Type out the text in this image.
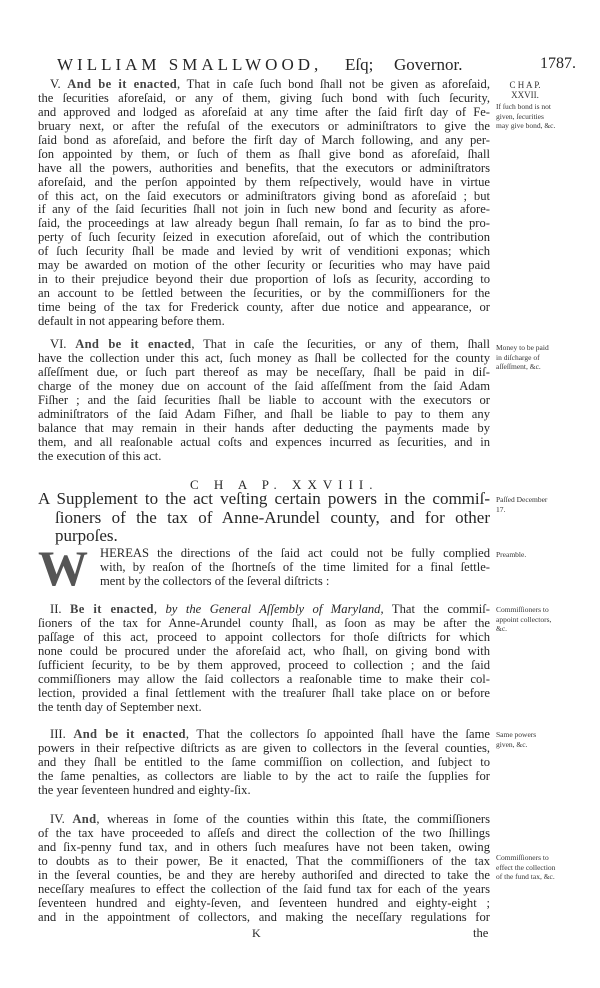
WILLIAM SMALLWOOD, Eſq; Governor.	1787.
V. And be it enacted, That in caſe ſuch bond ſhall not be given as aforeſaid,
the ſecurities aforeſaid, or any of them, giving ſuch bond with ſuch ſecurity,
and approved and lodged as aforeſaid at any time after the ſaid firſt day of Fe-
bruary next, or after the refuſal of the executors or adminiſtrators to give the
ſaid bond as aforeſaid, and before the firſt day of March following, and any per-
ſon appointed by them, or ſuch of them as ſhall give bond as aforeſaid, ſhall
have all the powers, authorities and benefits, that the executors or adminiſtrators
aforeſaid, and the perſon appointed by them reſpectively, would have in virtue
of this act, on the ſaid executors or adminiſtrators giving bond as aforeſaid ; but
if any of the ſaid ſecurities ſhall not join in ſuch new bond and ſecurity as afore-
ſaid, the proceedings at law already begun ſhall remain, ſo far as to bind the pro-
perty of ſuch ſecurity ſeized in execution aforeſaid, out of which the contribution
of ſuch ſecurity ſhall be made and levied by writ of venditioni exponas; which
may be awarded on motion of the other ſecurity or ſecurities who may have paid
in to their prejudice beyond their due proportion of loſs as ſecurity, according to
an account to be ſettled between the ſecurities, or by the commiſſioners for the
time being of the tax for Frederick county, after due notice and appearance, or
default in not appearing before them.
VI. And be it enacted, That in caſe the ſecurities, or any of them, ſhall
have the collection under this act, ſuch money as ſhall be collected for the county
aſſeſſment due, or ſuch part thereof as may be neceſſary, ſhall be paid in diſ-
charge of the money due on account of the ſaid aſſeſſment from the ſaid Adam
Fiſher ; and the ſaid ſecurities ſhall be liable to account with the executors or
adminiſtrators of the ſaid Adam Fiſher, and ſhall be liable to pay to them any
balance that may remain in their hands after deducting the payments made by
them, and all reaſonable actual coſts and expences incurred as ſecurities, and in
the execution of this act.
C H A P. XXVIII.
A Supplement to the act veſting certain powers in the commiſ-
ſioners of the tax of Anne-Arundel county, and for other
purpoſes.
W HEREAS the directions of the ſaid act could not be fully complied
with, by reaſon of the ſhortneſs of the time limited for a final ſettle-
ment by the collectors of the ſeveral diſtricts :
II. Be it enacted, by the General Aſſembly of Maryland, That the commiſ-
ſioners of the tax for Anne-Arundel county ſhall, as ſoon as may be after the
paſſage of this act, proceed to appoint collectors for thoſe diſtricts for which
none could be procured under the aforeſaid act, who ſhall, on giving bond with
ſufficient ſecurity, to be by them approved, proceed to collection ; and the ſaid
commiſſioners may allow the ſaid collectors a reaſonable time to make their col-
lection, provided a final ſettlement with the treaſurer ſhall take place on or before
the tenth day of September next.
III. And be it enacted, That the collectors ſo appointed ſhall have the ſame
powers in their reſpective diſtricts as are given to collectors in the ſeveral counties,
and they ſhall be entitled to the ſame commiſſion on collection, and ſubject to
the ſame penalties, as collectors are liable to by the act to raiſe the ſupplies for
the year ſeventeen hundred and eighty-ſix.
IV. And, whereas in ſome of the counties within this ſtate, the commiſſioners
of the tax have proceeded to aſſeſs and direct the collection of the two ſhillings
and ſix-penny fund tax, and in others ſuch meaſures have not been taken, owing
to doubts as to their power, Be it enacted, That the commiſſioners of the tax
in the ſeveral counties, be and they are hereby authoriſed and directed to take the
neceſſary meaſures to effect the collection of the ſaid fund tax for each of the years
ſeventeen hundred and eighty-ſeven, and ſeventeen hundred and eighty-eight ;
and in the appointment of collectors, and making the neceſſary regulations for
C H A P.
XXVII.
If ſuch bond is not given, ſecurities may give bond, &c.
Money to be paid in diſcharge of aſſeſſment, &c.
Paſſed December 17.
Preamble.
Commiſſioners to appoint collectors, &c.
Same powers given, &c.
Commiſſioners to effect the collection of the fund tax, &c.
K	the
